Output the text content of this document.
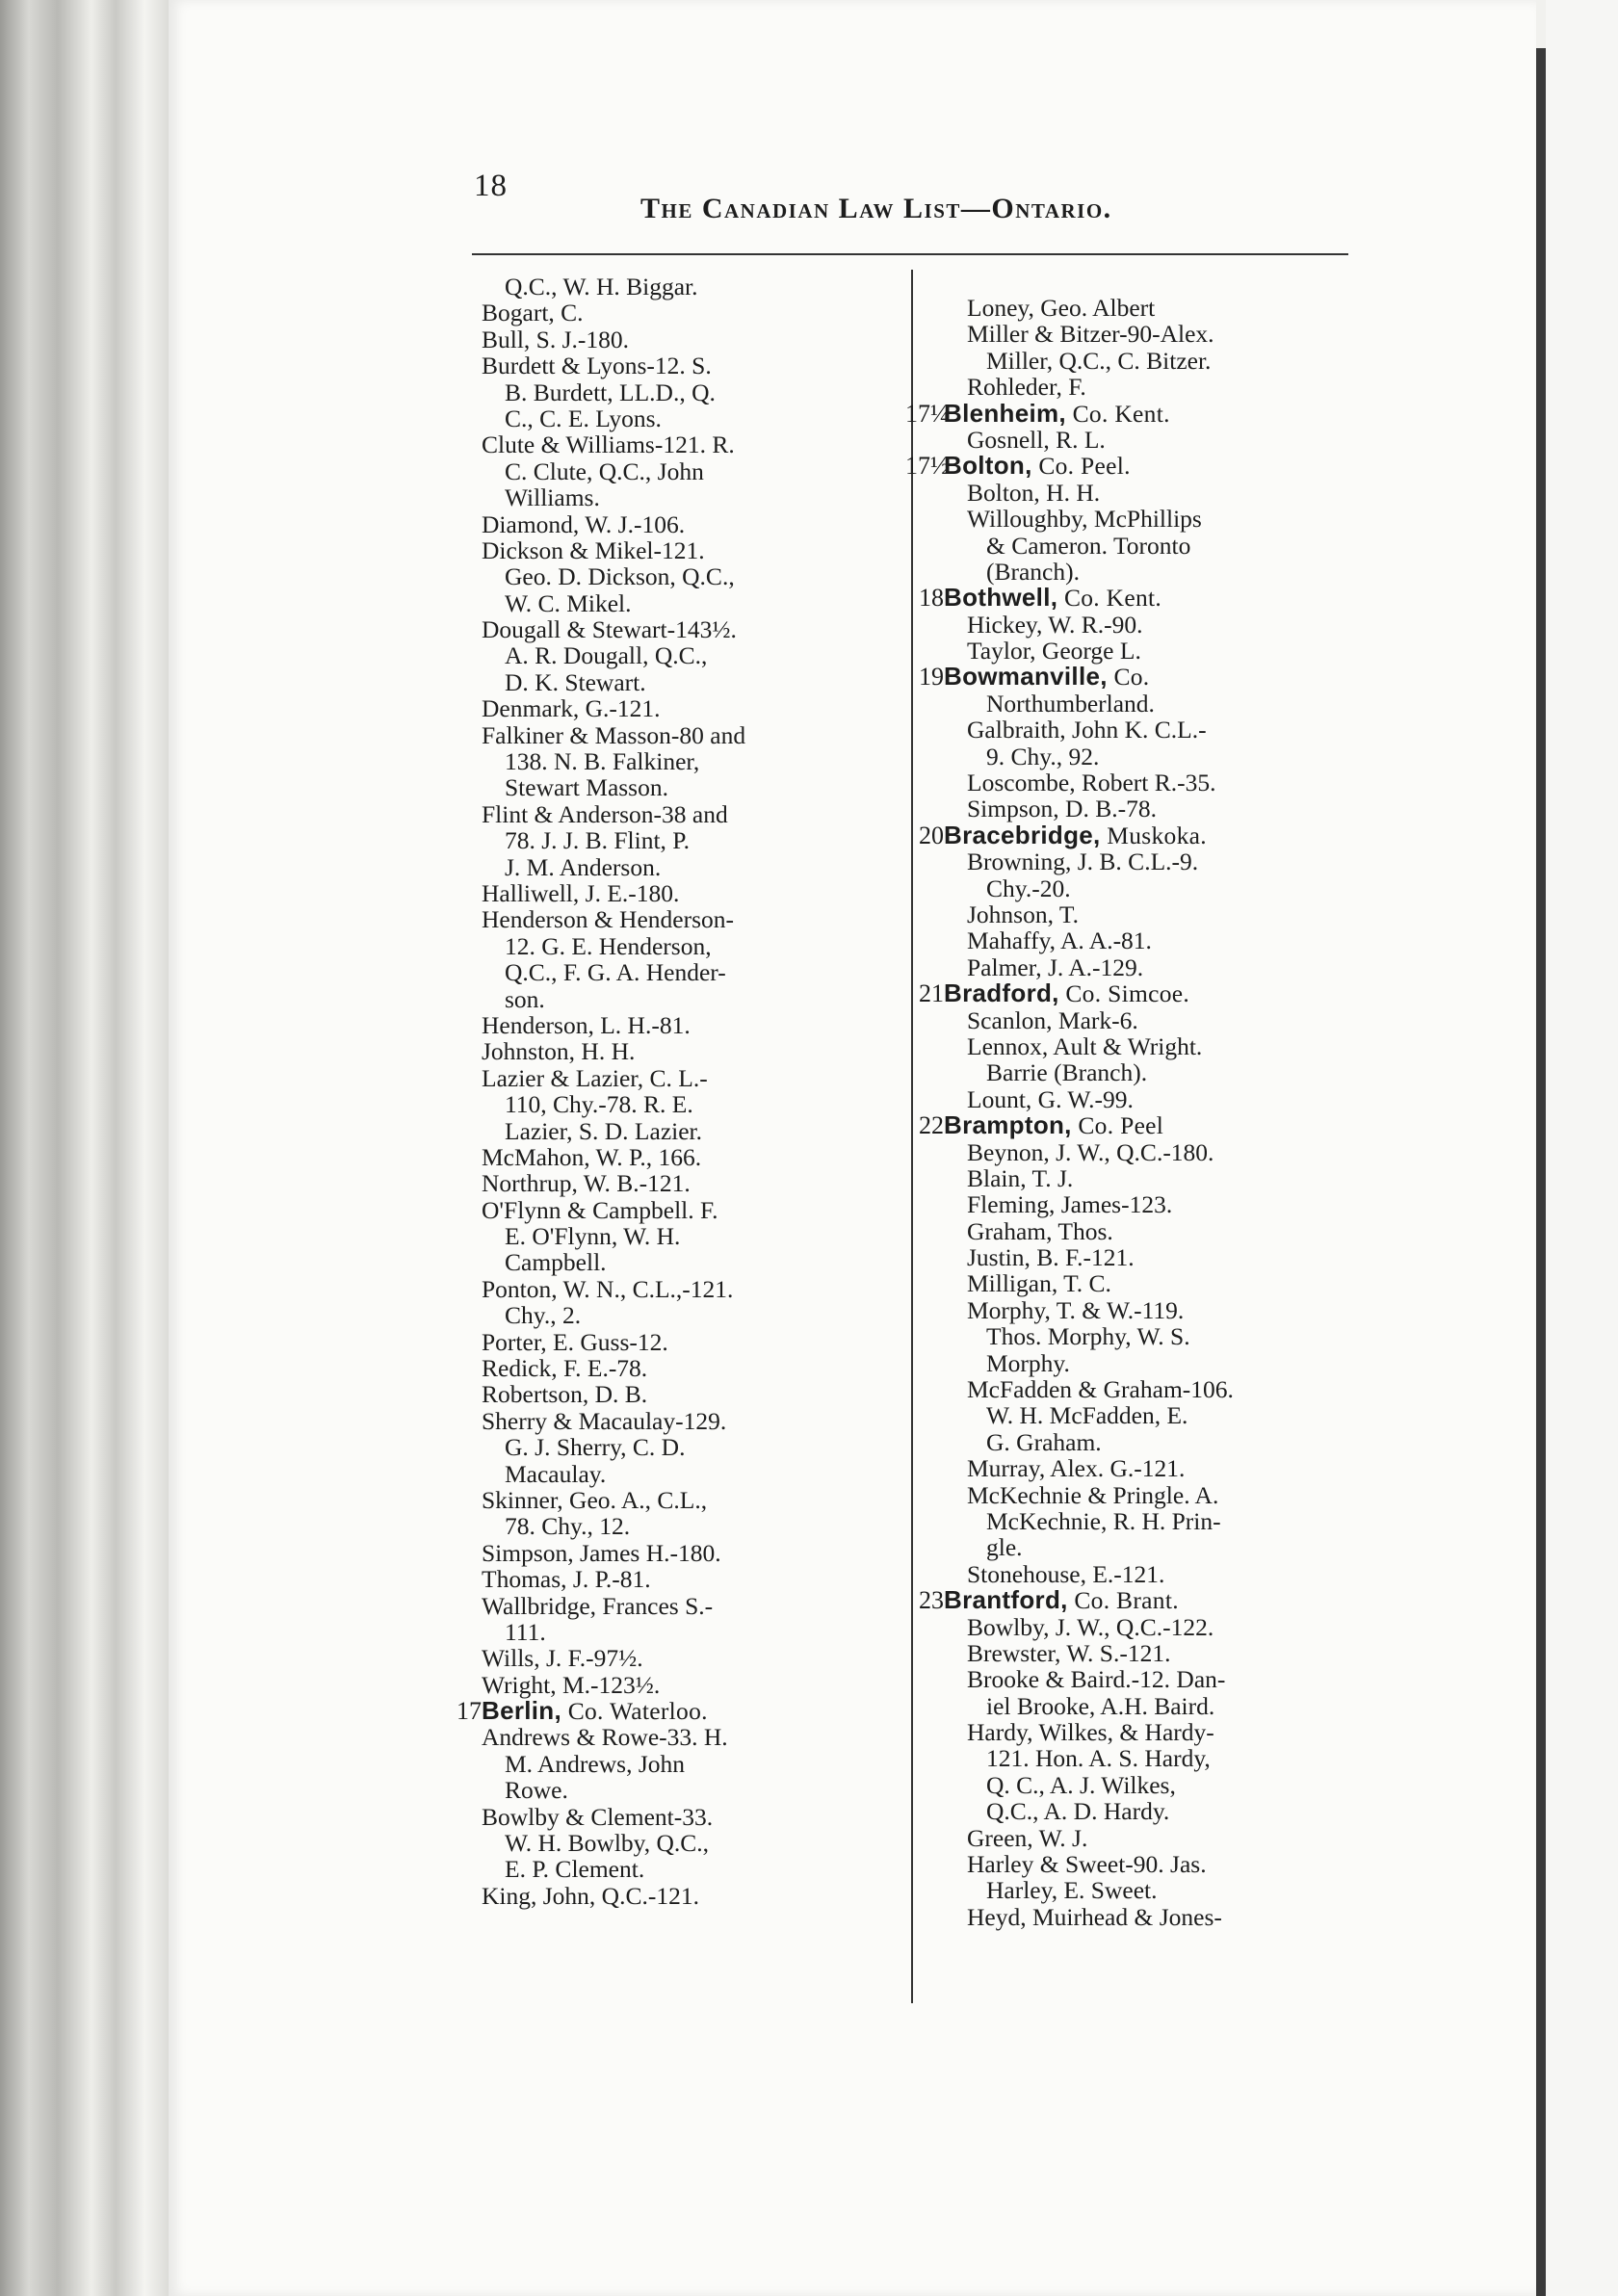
18
The Canadian Law List—Ontario.
Q.C., W. H. Biggar.
Bogart, C.
Bull, S. J.-180.
Burdett & Lyons-12. S.
B. Burdett, LL.D., Q.
C., C. E. Lyons.
Clute & Williams-121. R.
C. Clute, Q.C., John
Williams.
Diamond, W. J.-106.
Dickson & Mikel-121.
Geo. D. Dickson, Q.C.,
W. C. Mikel.
Dougall & Stewart-143½.
A. R. Dougall, Q.C.,
D. K. Stewart.
Denmark, G.-121.
Falkiner & Masson-80 and
138. N. B. Falkiner,
Stewart Masson.
Flint & Anderson-38 and
78. J. J. B. Flint, P.
J. M. Anderson.
Halliwell, J. E.-180.
Henderson & Henderson-
12. G. E. Henderson,
Q.C., F. G. A. Hender-
son.
Henderson, L. H.-81.
Johnston, H. H.
Lazier & Lazier, C. L.-
110, Chy.-78. R. E.
Lazier, S. D. Lazier.
McMahon, W. P., 166.
Northrup, W. B.-121.
O'Flynn & Campbell. F.
E. O'Flynn, W. H.
Campbell.
Ponton, W. N., C.L.,-121.
Chy., 2.
Porter, E. Guss-12.
Redick, F. E.-78.
Robertson, D. B.
Sherry & Macaulay-129.
G. J. Sherry, C. D.
Macaulay.
Skinner, Geo. A., C.L.,
78. Chy., 12.
Simpson, James H.-180.
Thomas, J. P.-81.
Wallbridge, Frances S.-
111.
Wills, J. F.-97½.
Wright, M.-123½.
17 Berlin, Co. Waterloo.
Andrews & Rowe-33. H.
M. Andrews, John
Rowe.
Bowlby & Clement-33.
W. H. Bowlby, Q.C.,
E. P. Clement.
King, John, Q.C.-121.
Loney, Geo. Albert
Miller & Bitzer-90-Alex.
Miller, Q.C., C. Bitzer.
Rohleder, F.
17¼
Blenheim, Co. Kent.
Gosnell, R. L.
17½
Bolton, Co. Peel.
Bolton, H. H.
Willoughby, McPhillips
& Cameron. Toronto
(Branch).
18 Bothwell, Co. Kent.
Hickey, W. R.-90.
Taylor, George L.
19 Bowmanville, Co.
Northumberland.
Galbraith, John K. C.L.-
9. Chy., 92.
Loscombe, Robert R.-35.
Simpson, D. B.-78.
20 Bracebridge, Muskoka.
Browning, J. B. C.L.-9.
Chy.-20.
Johnson, T.
Mahaffy, A. A.-81.
Palmer, J. A.-129.
21 Bradford, Co. Simcoe.
Scanlon, Mark-6.
Lennox, Ault & Wright.
Barrie (Branch).
Lount, G. W.-99.
22 Brampton, Co. Peel
Beynon, J. W., Q.C.-180.
Blain, T. J.
Fleming, James-123.
Graham, Thos.
Justin, B. F.-121.
Milligan, T. C.
Morphy, T. & W.-119.
Thos. Morphy, W. S.
Morphy.
McFadden & Graham-106.
W. H. McFadden, E.
G. Graham.
Murray, Alex. G.-121.
McKechnie & Pringle. A.
McKechnie, R. H. Prin-
gle.
Stonehouse, E.-121.
23 Brantford, Co. Brant.
Bowlby, J. W., Q.C.-122.
Brewster, W. S.-121.
Brooke & Baird.-12. Dan-
iel Brooke, A.H. Baird.
Hardy, Wilkes, & Hardy-
121. Hon. A. S. Hardy,
Q. C., A. J. Wilkes,
Q.C., A. D. Hardy.
Green, W. J.
Harley & Sweet-90. Jas.
Harley, E. Sweet.
Heyd, Muirhead & Jones-
